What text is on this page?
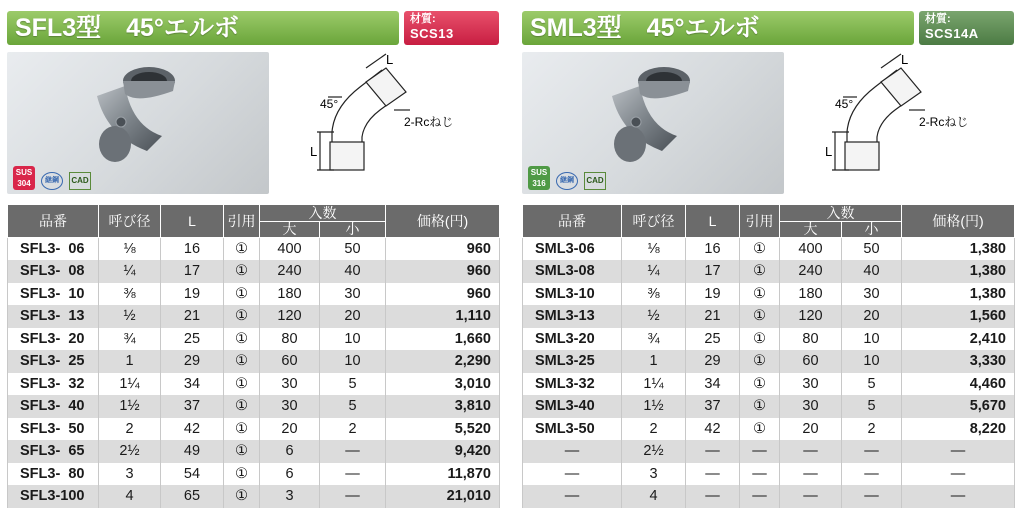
SFL3型　45°エルボ	材質:
SCS13
SUS
304	継鋼	CAD
L
L
45°
2-Rcねじ
品番	呼び径	L	引用	入数		価格(円)
				大	小	
SFL3-  06	⅛	16	①	400	50	960
SFL3-  08	¼	17	①	240	40	960
SFL3-  10	⅜	19	①	180	30	960
SFL3-  13	½	21	①	120	20	1,110
SFL3-  20	¾	25	①	80	10	1,660
SFL3-  25	1	29	①	60	10	2,290
SFL3-  32	1¼	34	①	30	5	3,010
SFL3-  40	1½	37	①	30	5	3,810
SFL3-  50	2	42	①	20	2	5,520
SFL3-  65	2½	49	①	6	—	9,420
SFL3-  80	3	54	①	6	—	11,870
SFL3-100	4	65	①	3	—	21,010
SML3型　45°エルボ	材質:
SCS14A
SUS
316	継鋼	CAD
L
L
45°
2-Rcねじ
品番	呼び径	L	引用	入数		価格(円)
				大	小	
SML3-06	⅛	16	①	400	50	1,380
SML3-08	¼	17	①	240	40	1,380
SML3-10	⅜	19	①	180	30	1,380
SML3-13	½	21	①	120	20	1,560
SML3-20	¾	25	①	80	10	2,410
SML3-25	1	29	①	60	10	3,330
SML3-32	1¼	34	①	30	5	4,460
SML3-40	1½	37	①	30	5	5,670
SML3-50	2	42	①	20	2	8,220
—	2½	—	—	—	—	—
—	3	—	—	—	—	—
—	4	—	—	—	—	—
